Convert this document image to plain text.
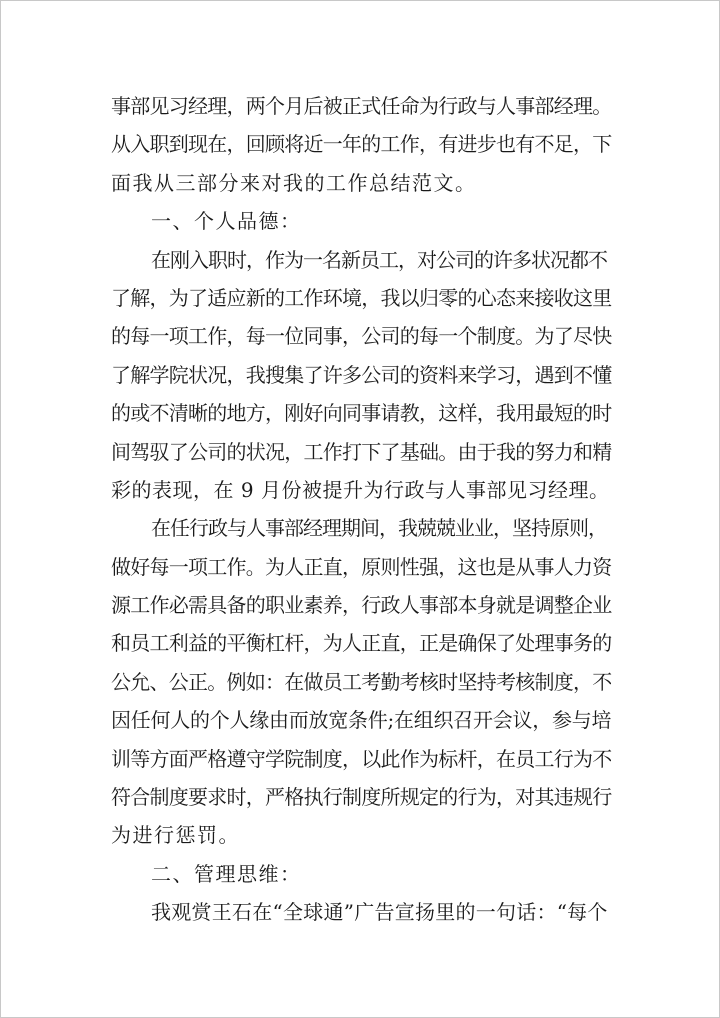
事部见习经理，两个月后被正式任命为行政与人事部经理。
从入职到现在，回顾将近一年的工作，有进步也有不足，下
面我从三部分来对我的工作总结范文。
一、个人品德：
在刚入职时，作为一名新员工，对公司的许多状况都不
了解，为了适应新的工作环境，我以归零的心态来接收这里
的每一项工作，每一位同事，公司的每一个制度。为了尽快
了解学院状况，我搜集了许多公司的资料来学习，遇到不懂
的或不清晰的地方，刚好向同事请教，这样，我用最短的时
间驾驭了公司的状况，工作打下了基础。由于我的努力和精
彩的表现，在 9 月份被提升为行政与人事部见习经理。
在任行政与人事部经理期间，我兢兢业业，坚持原则，
做好每一项工作。为人正直，原则性强，这也是从事人力资
源工作必需具备的职业素养，行政人事部本身就是调整企业
和员工利益的平衡杠杆，为人正直，正是确保了处理事务的
公允、公正。例如：在做员工考勤考核时坚持考核制度，不
因任何人的个人缘由而放宽条件;在组织召开会议，参与培
训等方面严格遵守学院制度，以此作为标杆，在员工行为不
符合制度要求时，严格执行制度所规定的行为，对其违规行
为进行惩罚。
二、管理思维：
我观赏王石在“全球通”广告宣扬里的一句话：“每个
